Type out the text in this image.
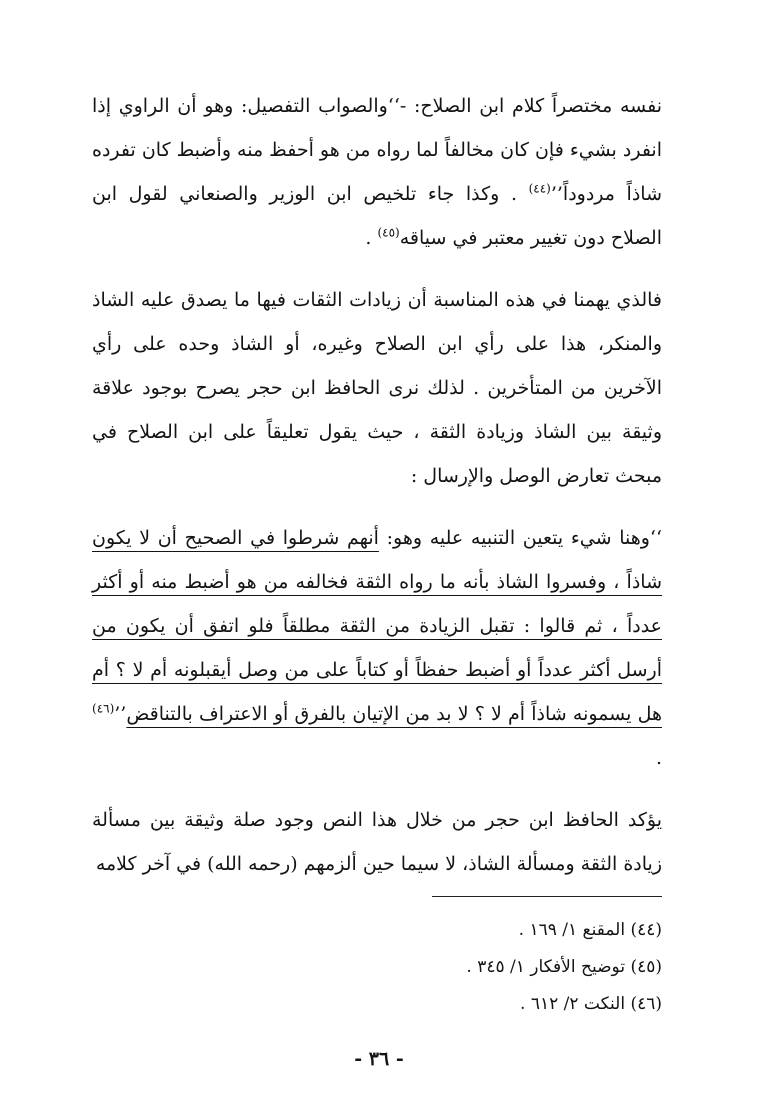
نفسه مختصراً كلام ابن الصلاح: -‘‘والصواب التفصيل: وهو أن الراوي إذا انفرد بشيء فإن كان مخالفاً لما رواه من هو أحفظ منه وأضبط كان تفرده شاذاً مردوداً’’$^{(٤٤)}$ . وكذا جاء تلخيص ابن الوزير والصنعاني لقول ابن الصلاح دون تغيير معتبر في سياقه$^{(٤٥)}$ .

فالذي يهمنا في هذه المناسبة أن زيادات الثقات فيها ما يصدق عليه الشاذ والمنكر، هذا على رأي ابن الصلاح وغيره، أو الشاذ وحده على رأي الآخرين من المتأخرين . لذلك نرى الحافظ ابن حجر يصرح بوجود علاقة وثيقة بين الشاذ وزيادة الثقة ، حيث يقول تعليقاً على ابن الصلاح في مبحث تعارض الوصل والإرسال :

‘‘وهنا شيء يتعين التنبيه عليه وهو: أنهم شرطوا في الصحيح أن لا يكون شاذاً ، وفسروا الشاذ بأنه ما رواه الثقة فخالفه من هو أضبط منه أو أكثر عدداً ، ثم قالوا : تقبل الزيادة من الثقة مطلقاً فلو اتفق أن يكون من أرسل أكثر عدداً أو أضبط حفظاً أو كتاباً على من وصل أيقبلونه أم لا ؟ أم هل يسمونه شاذاً أم لا ؟ لا بد من الإتيان بالفرق أو الاعتراف بالتناقض’’$^{(٤٦)}$ .

يؤكد الحافظ ابن حجر من خلال هذا النص وجود صلة وثيقة بين مسألة زيادة الثقة ومسألة الشاذ، لا سيما حين ألزمهم (رحمه الله) في آخر كلامه

(٤٤) المقنع ١/ ١٦٩ .

(٤٥) توضيح الأفكار ١/ ٣٤٥ .

(٤٦) النكت ٢/ ٦١٢ .

- ٣٦ -
